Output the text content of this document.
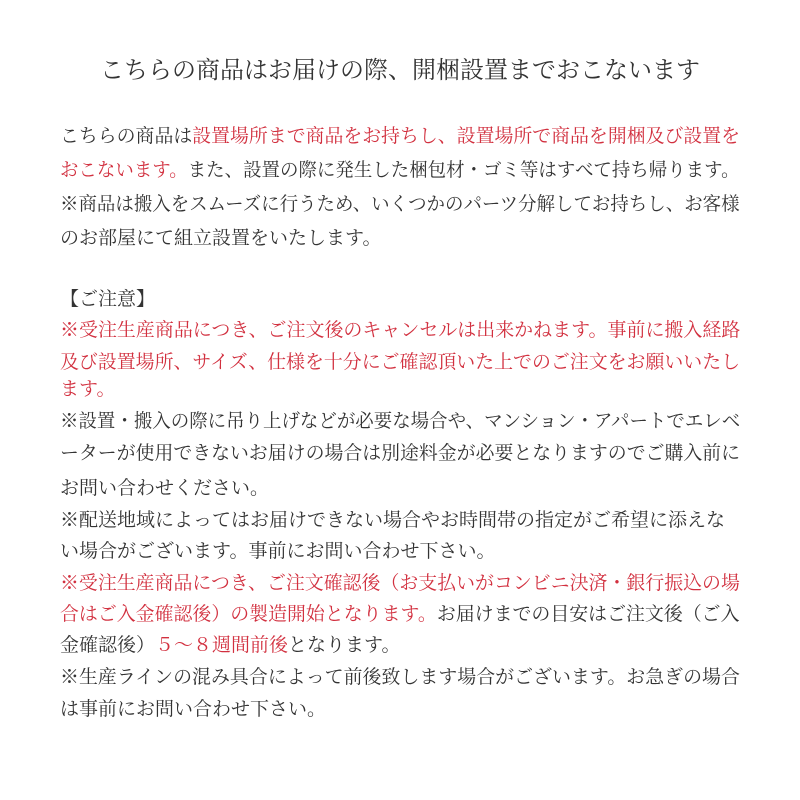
こちらの商品はお届けの際、開梱設置までおこないます
こちらの商品は設置場所まで商品をお持ちし、設置場所で商品を開梱及び設置を
おこないます。また、設置の際に発生した梱包材・ゴミ等はすべて持ち帰ります。
※商品は搬入をスムーズに行うため、いくつかのパーツ分解してお持ちし、お客様
のお部屋にて組立設置をいたします。
【ご注意】
※受注生産商品につき、ご注文後のキャンセルは出来かねます。事前に搬入経路
及び設置場所、サイズ、仕様を十分にご確認頂いた上でのご注文をお願いいたし
ます。
※設置・搬入の際に吊り上げなどが必要な場合や、マンション・アパートでエレベ
ーターが使用できないお届けの場合は別途料金が必要となりますのでご購入前に
お問い合わせください。
※配送地域によってはお届けできない場合やお時間帯の指定がご希望に添えな
い場合がございます。事前にお問い合わせ下さい。
※受注生産商品につき、ご注文確認後（お支払いがコンビニ決済・銀行振込の場
合はご入金確認後）の製造開始となります。お届けまでの目安はご注文後（ご入
金確認後）５〜８週間前後となります。
※生産ラインの混み具合によって前後致します場合がございます。お急ぎの場合
は事前にお問い合わせ下さい。
